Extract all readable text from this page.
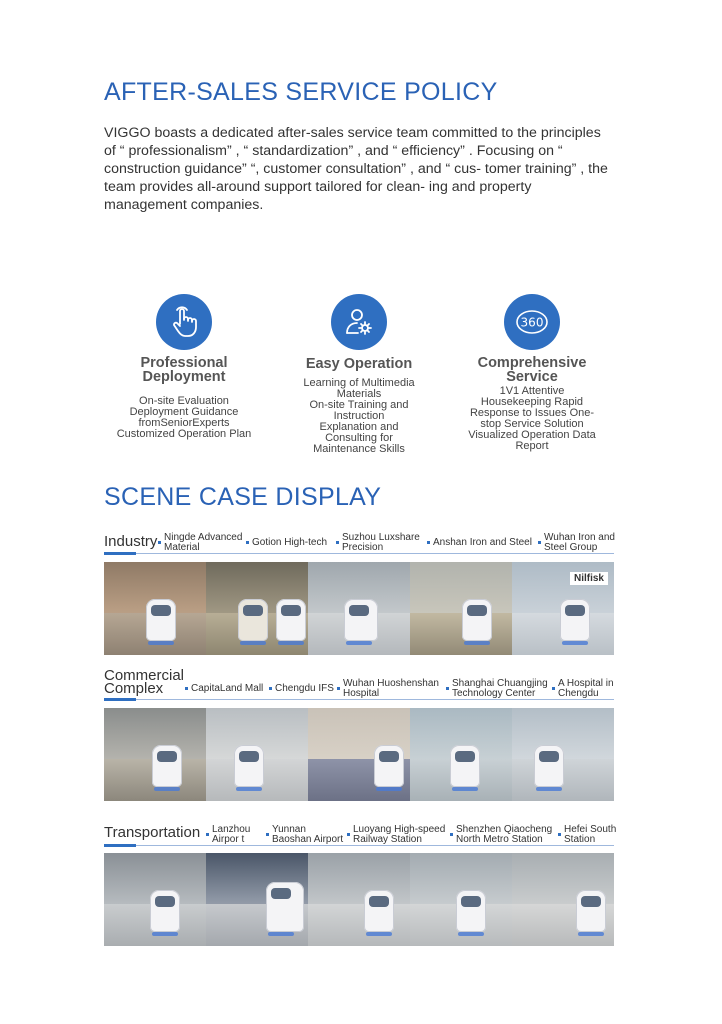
AFTER-SALES SERVICE POLICY

VIGGO boasts a dedicated after-sales service team committed to the principles of “ professionalism” , “ standardization” , and “ efficiency” . Focusing on “ construction guidance” “, customer consultation” , and “ cus- tomer training” , the team provides all-around support tailored for clean- ing and property management companies.

Professional
Deployment
On-site Evaluation
Deployment Guidance
fromSeniorExperts
Customized Operation Plan
Easy Operation
Learning of Multimedia
Materials
On-site Training and
Instruction
Explanation and
Consulting for
Maintenance Skills
360
Comprehensive
Service
1V1 Attentive
Housekeeping Rapid
Response to Issues One-
stop Service Solution
Visualized Operation Data
Report
SCENE CASE DISPLAY
Industry Ningde Advanced
Material	Gotion High-tech Suzhou Luxshare
Precision	Anshan Iron and Steel Wuhan Iron and
Steel Group
Nilfisk
Commercial
Complex	CapitaLand Mall	Chengdu IFS Wuhan Huoshenshan
Hospital
Shanghai Chuangjing
Technology Center
A Hospital in
Chengdu
Transportation Lanzhou
Airpor t
Yunnan
Baoshan Airport
Luoyang High-speed
Railway Station
Shenzhen Qiaocheng
North Metro Station
Hefei South
Station
